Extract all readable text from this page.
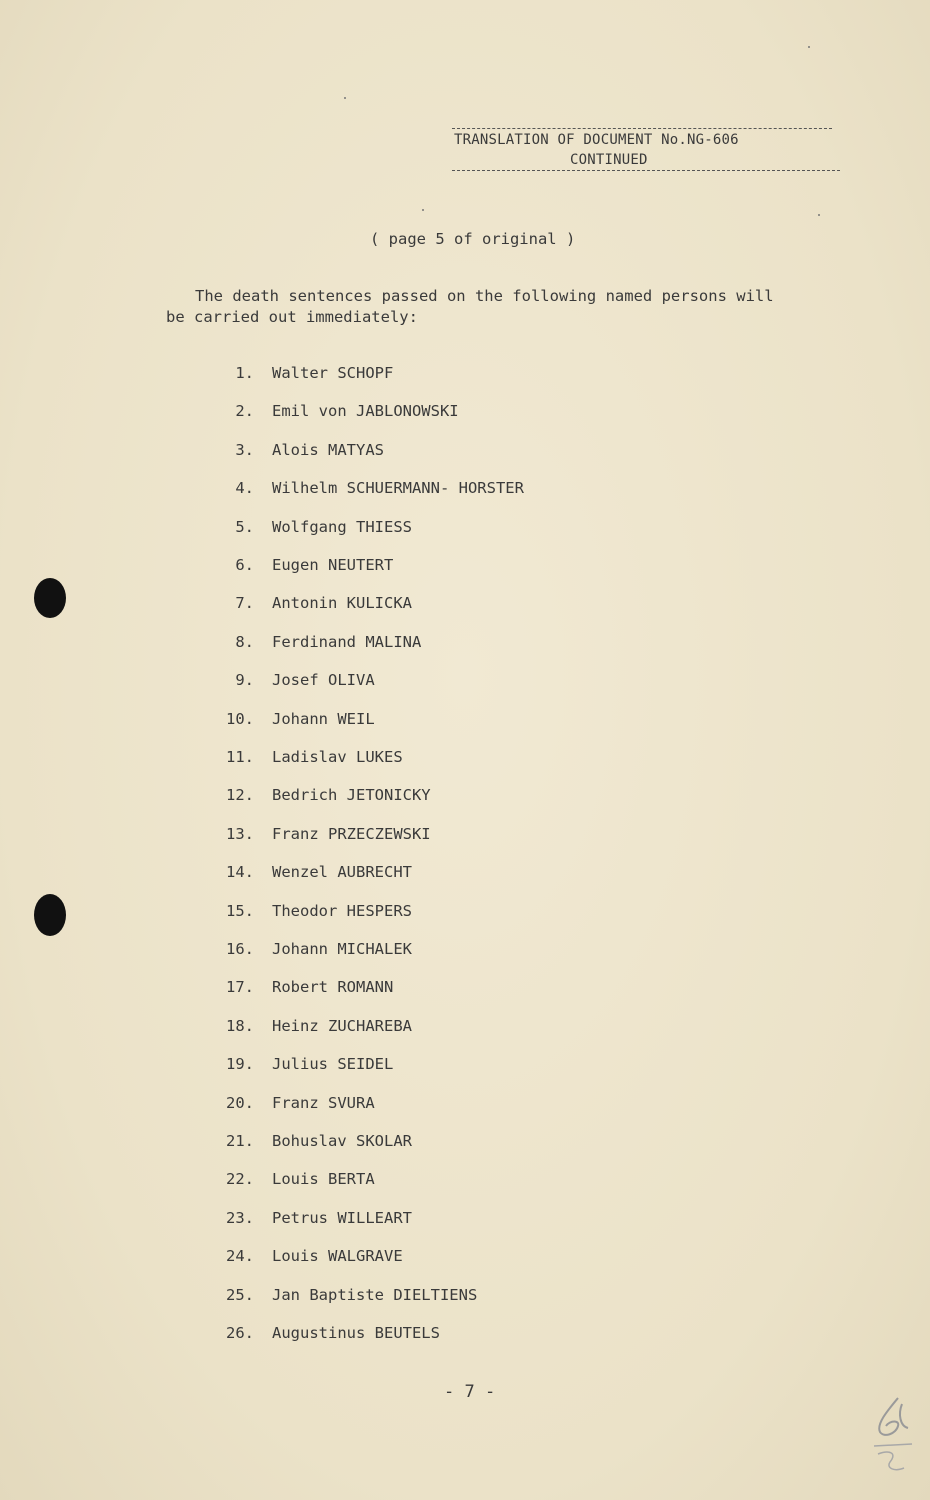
TRANSLATION OF DOCUMENT No.NG-606
CONTINUED
( page 5 of original )
The death sentences passed on the following named persons will
be carried out immediately:
1. Walter SCHOPF
2. Emil von JABLONOWSKI
3. Alois MATYAS
4. Wilhelm SCHUERMANN- HORSTER
5. Wolfgang THIESS
6. Eugen NEUTERT
7. Antonin KULICKA
8. Ferdinand MALINA
9. Josef OLIVA
10. Johann WEIL
11. Ladislav LUKES
12. Bedrich JETONICKY
13. Franz PRZECZEWSKI
14. Wenzel AUBRECHT
15. Theodor HESPERS
16. Johann MICHALEK
17. Robert ROMANN
18. Heinz ZUCHAREBA
19. Julius SEIDEL
20. Franz SVURA
21. Bohuslav SKOLAR
22. Louis BERTA
23. Petrus WILLEART
24. Louis WALGRAVE
25. Jan Baptiste DIELTIENS
26. Augustinus BEUTELS
- 7 -
